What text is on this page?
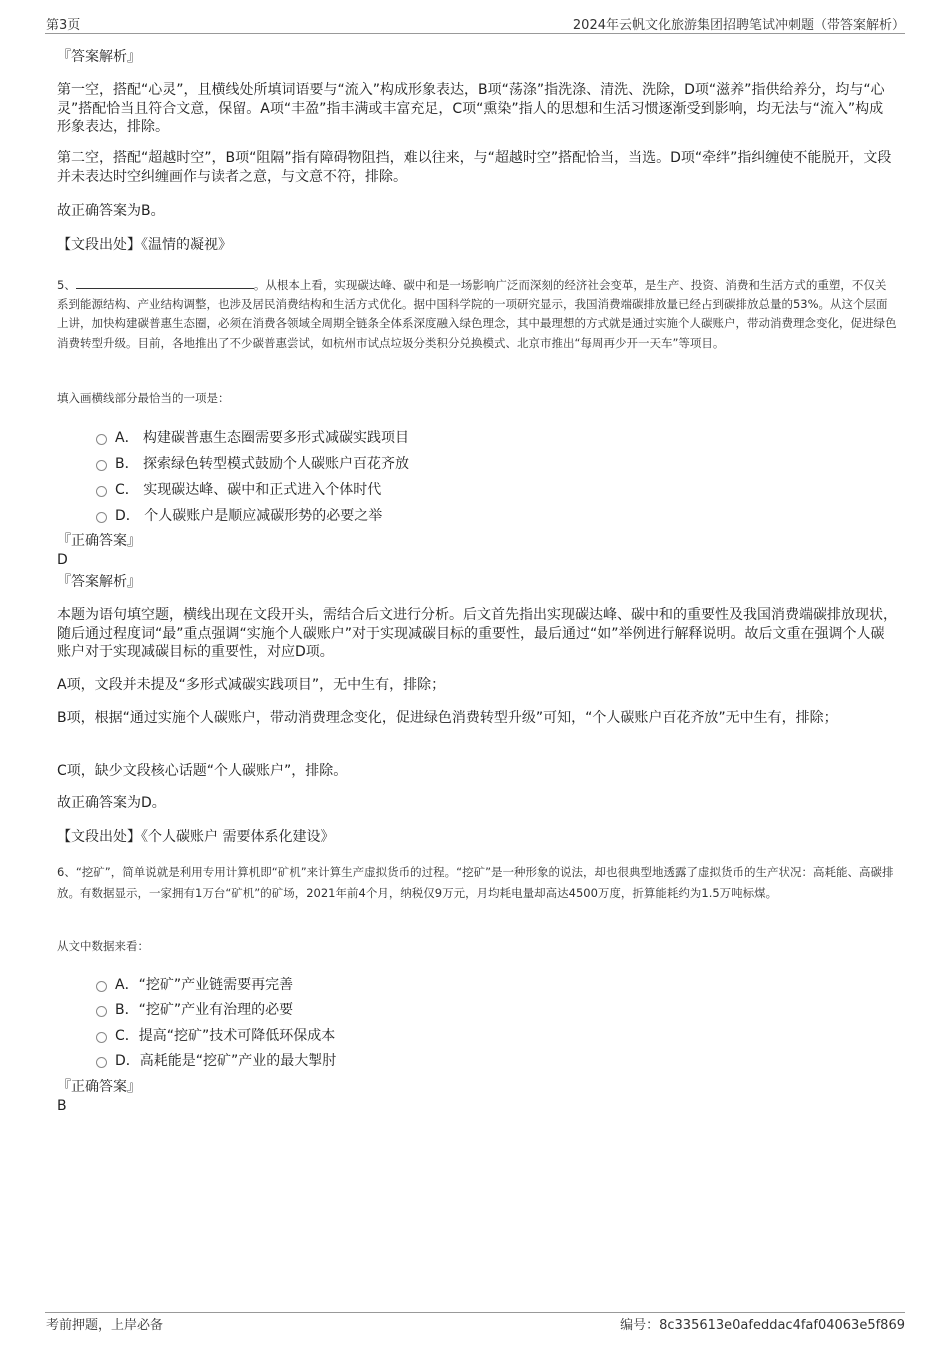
第3页	2024年云帆文化旅游集团招聘笔试冲刺题（带答案解析）
『答案解析』
第一空，搭配“心灵”，且横线处所填词语要与“流入”构成形象表达，B项“荡涤”指洗涤、清洗、洗除，D项“滋养”指供给养分，均与“心灵”搭配恰当且符合文意，保留。A项“丰盈”指丰满或丰富充足，C项“熏染”指人的思想和生活习惯逐渐受到影响，均无法与“流入”构成形象表达，排除。
第二空，搭配“超越时空”，B项“阻隔”指有障碍物阻挡，难以往来，与“超越时空”搭配恰当，当选。D项“牵绊”指纠缠使不能脱开，文段并未表达时空纠缠画作与读者之意，与文意不符，排除。
故正确答案为B。
【文段出处】《温情的凝视》
5、	。从根本上看，实现碳达峰、碳中和是一场影响广泛而深刻的经济社会变革，是生产、投资、消费和生活方式的重塑，不仅关系到能源结构、产业结构调整，也涉及居民消费结构和生活方式优化。据中国科学院的一项研究显示，我国消费端碳排放量已经占到碳排放总量的53%。从这个层面上讲，加快构建碳普惠生态圈，必须在消费各领域全周期全链条全体系深度融入绿色理念，其中最理想的方式就是通过实施个人碳账户，带动消费理念变化，促进绿色消费转型升级。目前，各地推出了不少碳普惠尝试，如杭州市试点垃圾分类积分兑换模式、北京市推出“每周再少开一天车”等项目。
填入画横线部分最恰当的一项是：
A． 构建碳普惠生态圈需要多形式减碳实践项目
B． 探索绿色转型模式鼓励个人碳账户百花齐放
C． 实现碳达峰、碳中和正式进入个体时代
D． 个人碳账户是顺应减碳形势的必要之举
『正确答案』
D
『答案解析』
本题为语句填空题，横线出现在文段开头，需结合后文进行分析。后文首先指出实现碳达峰、碳中和的重要性及我国消费端碳排放现状，随后通过程度词“最”重点强调“实施个人碳账户”对于实现减碳目标的重要性，最后通过“如”举例进行解释说明。故后文重在强调个人碳账户对于实现减碳目标的重要性，对应D项。
A项，文段并未提及“多形式减碳实践项目”，无中生有，排除；
B项，根据“通过实施个人碳账户，带动消费理念变化，促进绿色消费转型升级”可知，“个人碳账户百花齐放”无中生有，排除；
C项，缺少文段核心话题“个人碳账户”，排除。
故正确答案为D。
【文段出处】《个人碳账户 需要体系化建设》
6、“挖矿”，简单说就是利用专用计算机即“矿机”来计算生产虚拟货币的过程。“挖矿”是一种形象的说法，却也很典型地透露了虚拟货币的生产状况：高耗能、高碳排放。有数据显示，一家拥有1万台“矿机”的矿场，2021年前4个月，纳税仅9万元，月均耗电量却高达4500万度，折算能耗约为1.5万吨标煤。
从文中数据来看：
A．“挖矿”产业链需要再完善
B．“挖矿”产业有治理的必要
C．提高“挖矿”技术可降低环保成本
D．高耗能是“挖矿”产业的最大掣肘
『正确答案』
B
考前押题，上岸必备	编号：8c335613e0afeddac4faf04063e5f869
